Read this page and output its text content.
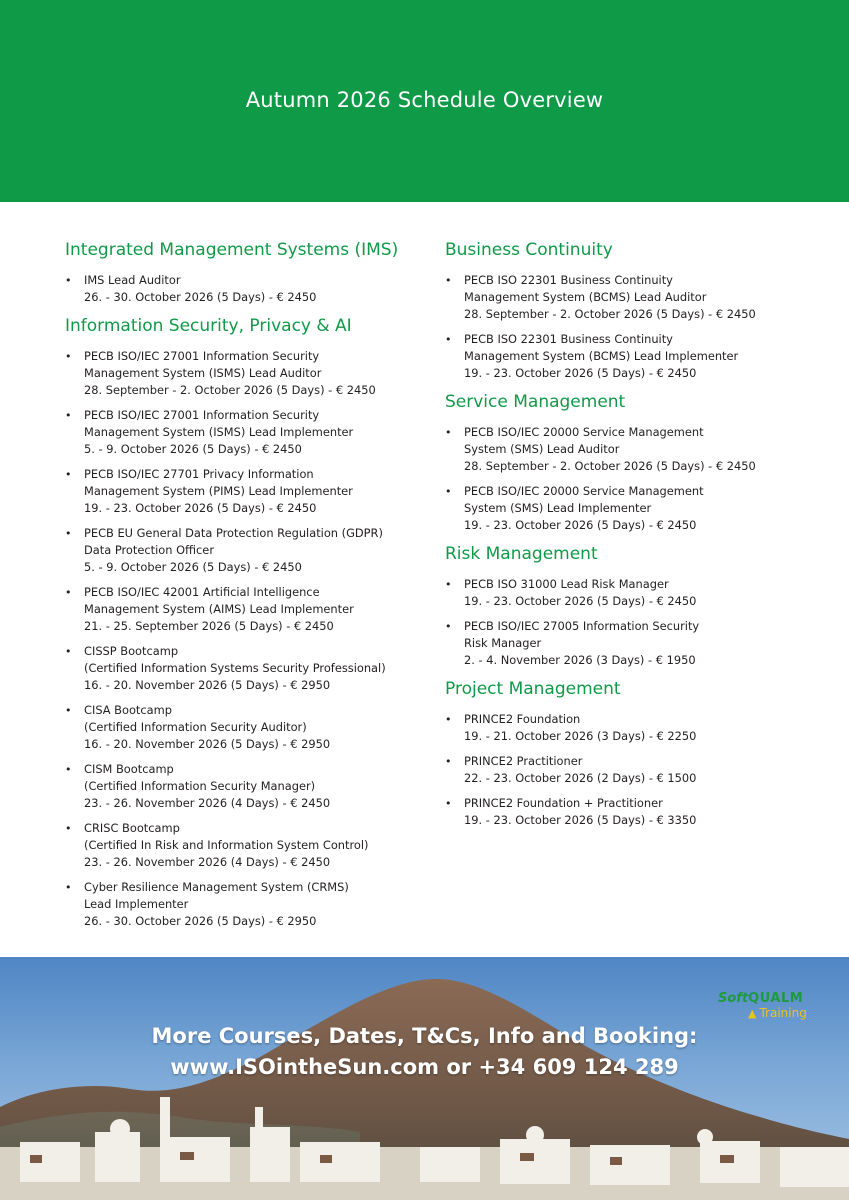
Autumn 2026 Schedule Overview
Integrated Management Systems (IMS)
• IMS Lead Auditor
26. - 30. October 2026 (5 Days) - € 2450
Information Security, Privacy & AI
• PECB ISO/IEC 27001 Information Security
Management System (ISMS) Lead Auditor
28. September - 2. October 2026 (5 Days) - € 2450
• PECB ISO/IEC 27001 Information Security
Management System (ISMS) Lead Implementer
5. - 9. October 2026 (5 Days) - € 2450
• PECB ISO/IEC 27701 Privacy Information
Management System (PIMS) Lead Implementer
19. - 23. October 2026 (5 Days) - € 2450
• PECB EU General Data Protection Regulation (GDPR)
Data Protection Officer
5. - 9. October 2026 (5 Days) - € 2450
• PECB ISO/IEC 42001 Artificial Intelligence
Management System (AIMS) Lead Implementer
21. - 25. September 2026 (5 Days) - € 2450
• CISSP Bootcamp
(Certified Information Systems Security Professional)
16. - 20. November 2026 (5 Days) - € 2950
• CISA Bootcamp
(Certified Information Security Auditor)
16. - 20. November 2026 (5 Days) - € 2950
• CISM Bootcamp
(Certified Information Security Manager)
23. - 26. November 2026 (4 Days) - € 2450
• CRISC Bootcamp
(Certified In Risk and Information System Control)
23. - 26. November 2026 (4 Days) - € 2450
• Cyber Resilience Management System (CRMS)
Lead Implementer
26. - 30. October 2026 (5 Days) - € 2950
Business Continuity
• PECB ISO 22301 Business Continuity
Management System (BCMS) Lead Auditor
28. September - 2. October 2026 (5 Days) - € 2450
• PECB ISO 22301 Business Continuity
Management System (BCMS) Lead Implementer
19. - 23. October 2026 (5 Days) - € 2450
Service Management
• PECB ISO/IEC 20000 Service Management
System (SMS) Lead Auditor
28. September - 2. October 2026 (5 Days) - € 2450
• PECB ISO/IEC 20000 Service Management
System (SMS) Lead Implementer
19. - 23. October 2026 (5 Days) - € 2450
Risk Management
• PECB ISO 31000 Lead Risk Manager
19. - 23. October 2026 (5 Days) - € 2450
• PECB ISO/IEC 27005 Information Security
Risk Manager
2. - 4. November 2026 (3 Days) - € 1950
Project Management
• PRINCE2 Foundation
19. - 21. October 2026 (3 Days) - € 2250
• PRINCE2 Practitioner
22. - 23. October 2026 (2 Days) - € 1500
• PRINCE2 Foundation + Practitioner
19. - 23. October 2026 (5 Days) - € 3350
SoftQUALM
▲ Training
More Courses, Dates, T&Cs, Info and Booking:
www.ISOintheSun.com or +34 609 124 289
